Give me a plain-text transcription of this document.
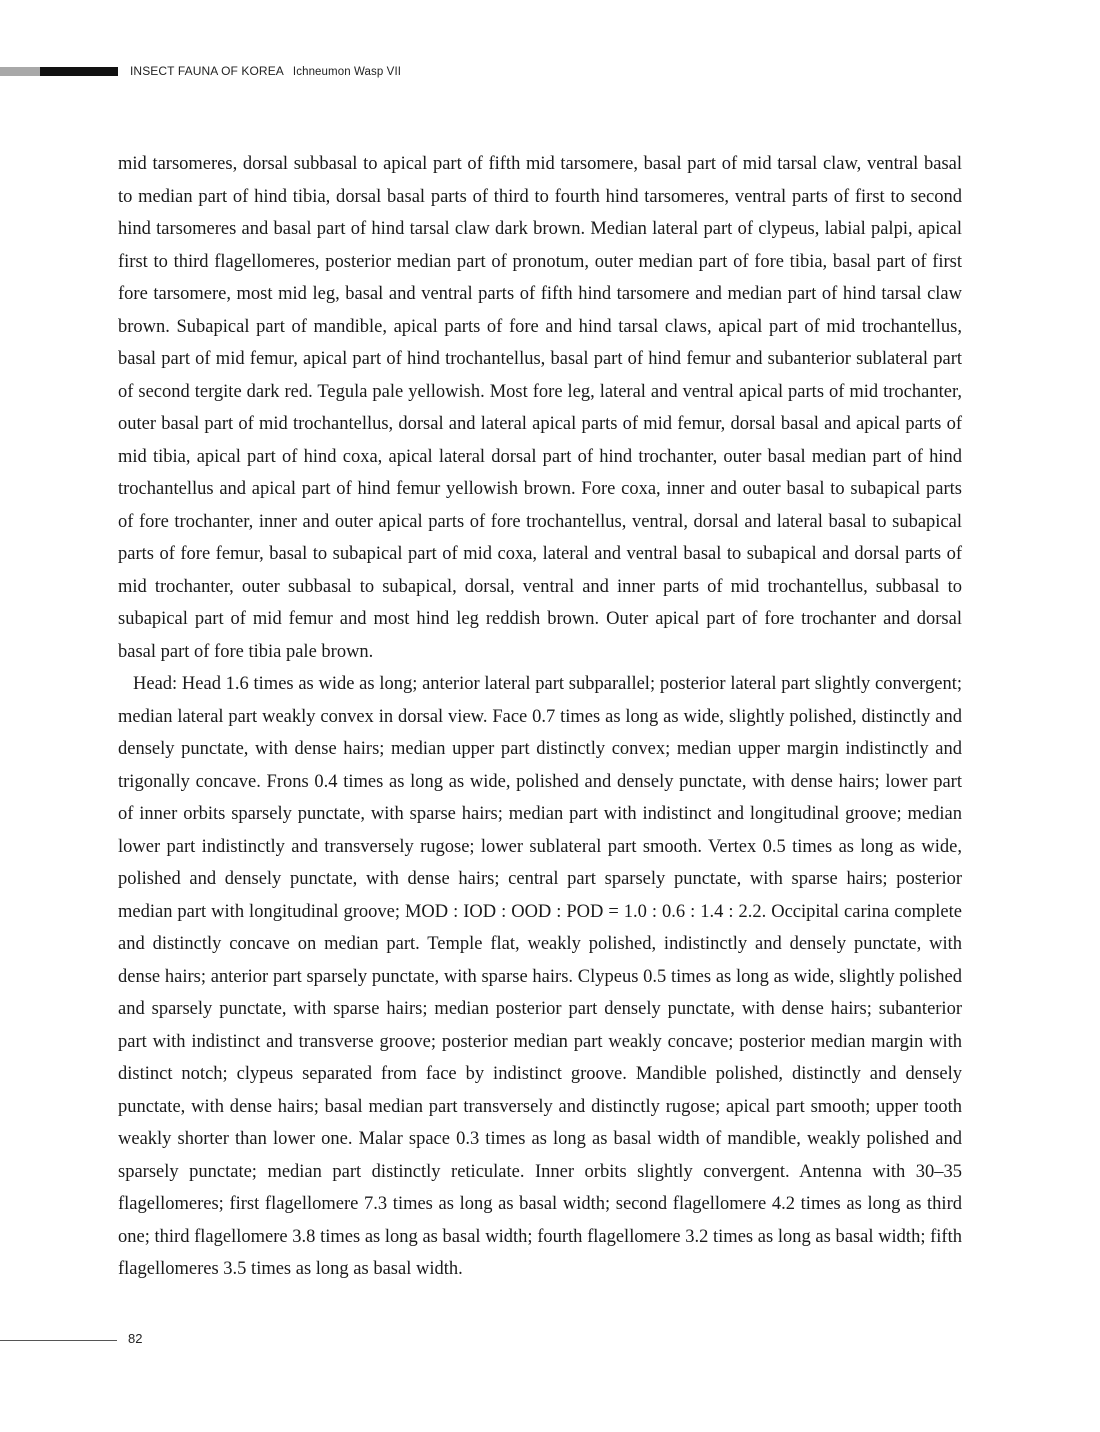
INSECT FAUNA OF KOREA Ichneumon Wasp VII

mid tarsomeres, dorsal subbasal to apical part of fifth mid tarsomere, basal part of mid tarsal claw, ventral basal to median part of hind tibia, dorsal basal parts of third to fourth hind tarsomeres, ventral parts of first to second hind tarsomeres and basal part of hind tarsal claw dark brown. Median lateral part of clypeus, labial palpi, apical first to third flagellomeres, posterior median part of pronotum, outer median part of fore tibia, basal part of first fore tarsomere, most mid leg, basal and ventral parts of fifth hind tarsomere and median part of hind tarsal claw brown. Subapical part of mandible, apical parts of fore and hind tarsal claws, apical part of mid trochantellus, basal part of mid femur, apical part of hind trochantellus, basal part of hind femur and subanterior sublateral part of second tergite dark red. Tegula pale yellowish. Most fore leg, lateral and ventral apical parts of mid trochanter, outer basal part of mid trochantellus, dorsal and lateral apical parts of mid femur, dorsal basal and apical parts of mid tibia, apical part of hind coxa, apical lateral dorsal part of hind trochanter, outer basal median part of hind trochantellus and apical part of hind femur yellowish brown. Fore coxa, inner and outer basal to subapical parts of fore trochanter, inner and outer apical parts of fore trochantellus, ventral, dorsal and lateral basal to subapical parts of fore femur, basal to subapical part of mid coxa, lateral and ventral basal to subapical and dorsal parts of mid trochanter, outer subbasal to subapical, dorsal, ventral and inner parts of mid trochantellus, subbasal to subapical part of mid femur and most hind leg reddish brown. Outer apical part of fore trochanter and dorsal basal part of fore tibia pale brown.

Head: Head 1.6 times as wide as long; anterior lateral part subparallel; posterior lateral part slightly convergent; median lateral part weakly convex in dorsal view. Face 0.7 times as long as wide, slightly polished, distinctly and densely punctate, with dense hairs; median upper part distinctly convex; median upper margin indistinctly and trigonally concave. Frons 0.4 times as long as wide, polished and densely punctate, with dense hairs; lower part of inner orbits sparsely punctate, with sparse hairs; median part with indistinct and longitudinal groove; median lower part indistinctly and transversely rugose; lower sublateral part smooth. Vertex 0.5 times as long as wide, polished and densely punctate, with dense hairs; central part sparsely punctate, with sparse hairs; posterior median part with longitudinal groove; MOD : IOD : OOD : POD = 1.0 : 0.6 : 1.4 : 2.2. Occipital carina complete and distinctly concave on median part. Temple flat, weakly polished, indistinctly and densely punctate, with dense hairs; anterior part sparsely punctate, with sparse hairs. Clypeus 0.5 times as long as wide, slightly polished and sparsely punctate, with sparse hairs; median posterior part densely punctate, with dense hairs; subanterior part with indistinct and transverse groove; posterior median part weakly concave; posterior median margin with distinct notch; clypeus separated from face by indistinct groove. Mandible polished, distinctly and densely punctate, with dense hairs; basal median part transversely and distinctly rugose; apical part smooth; upper tooth weakly shorter than lower one. Malar space 0.3 times as long as basal width of mandible, weakly polished and sparsely punctate; median part distinctly reticulate. Inner orbits slightly convergent. Antenna with 30–35 flagellomeres; first flagellomere 7.3 times as long as basal width; second flagellomere 4.2 times as long as third one; third flagellomere 3.8 times as long as basal width; fourth flagellomere 3.2 times as long as basal width; fifth flagellomeres 3.5 times as long as basal width.

82
